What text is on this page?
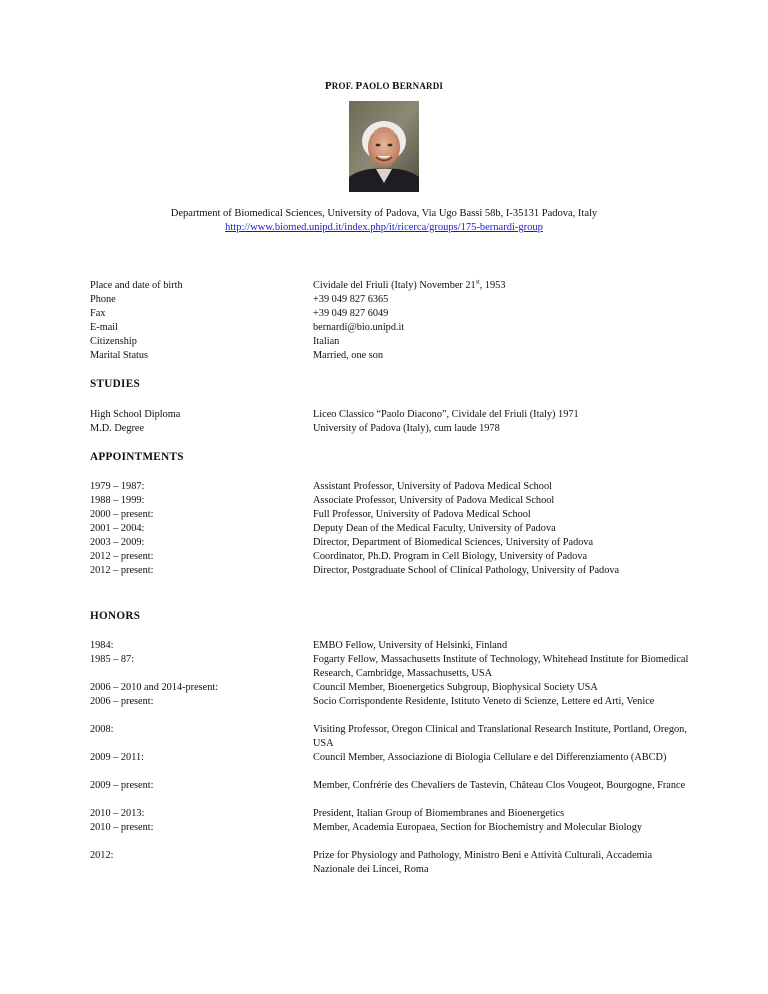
PROF. PAOLO BERNARDI
Department of Biomedical Sciences, University of Padova, Via Ugo Bassi 58b, I-35131 Padova, Italy
http://www.biomed.unipd.it/index.php/it/ricerca/groups/175-bernardi-group
Place and date of birth	Cividale del Friuli (Italy) November 21st, 1953
Phone	+39 049 827 6365
Fax	+39 049 827 6049
E-mail	bernardi@bio.unipd.it
Citizenship	Italian
Marital Status	Married, one son
STUDIES
High School Diploma	Liceo Classico “Paolo Diacono”, Cividale del Friuli (Italy) 1971
M.D. Degree	University of Padova (Italy), cum laude 1978
APPOINTMENTS
1979 – 1987:	Assistant Professor, University of Padova Medical School
1988 – 1999:	Associate Professor, University of Padova Medical School
2000 – present:	Full Professor, University of Padova Medical School
2001 – 2004:	Deputy Dean of the Medical Faculty, University of Padova
2003 – 2009:	Director, Department of Biomedical Sciences, University of Padova
2012 – present:	Coordinator, Ph.D. Program in Cell Biology, University of Padova
2012 – present:	Director, Postgraduate School of Clinical Pathology, University of Padova
HONORS
1984:	EMBO Fellow, University of Helsinki, Finland
1985 – 87:	Fogarty Fellow, Massachusetts Institute of Technology, Whitehead Institute for Biomedical Research, Cambridge, Massachusetts, USA
2006 – 2010 and 2014-present:	Council Member, Bioenergetics Subgroup, Biophysical Society USA
2006 – present:	Socio Corrispondente Residente, Istituto Veneto di Scienze, Lettere ed Arti, Venice
2008:	Visiting Professor, Oregon Clinical and Translational Research Institute, Portland, Oregon, USA
2009 – 2011:	Council Member, Associazione di Biologia Cellulare e del Differenziamento (ABCD)
2009 – present:	Member, Confrérie des Chevaliers de Tastevin, Château Clos Vougeot, Bourgogne, France
2010 – 2013:	President, Italian Group of Biomembranes and Bioenergetics
2010 – present:	Member, Academia Europaea, Section for Biochemistry and Molecular Biology
2012:	Prize for Physiology and Pathology, Ministro Beni e Attività Culturali, Accademia Nazionale dei Lincei, Roma
